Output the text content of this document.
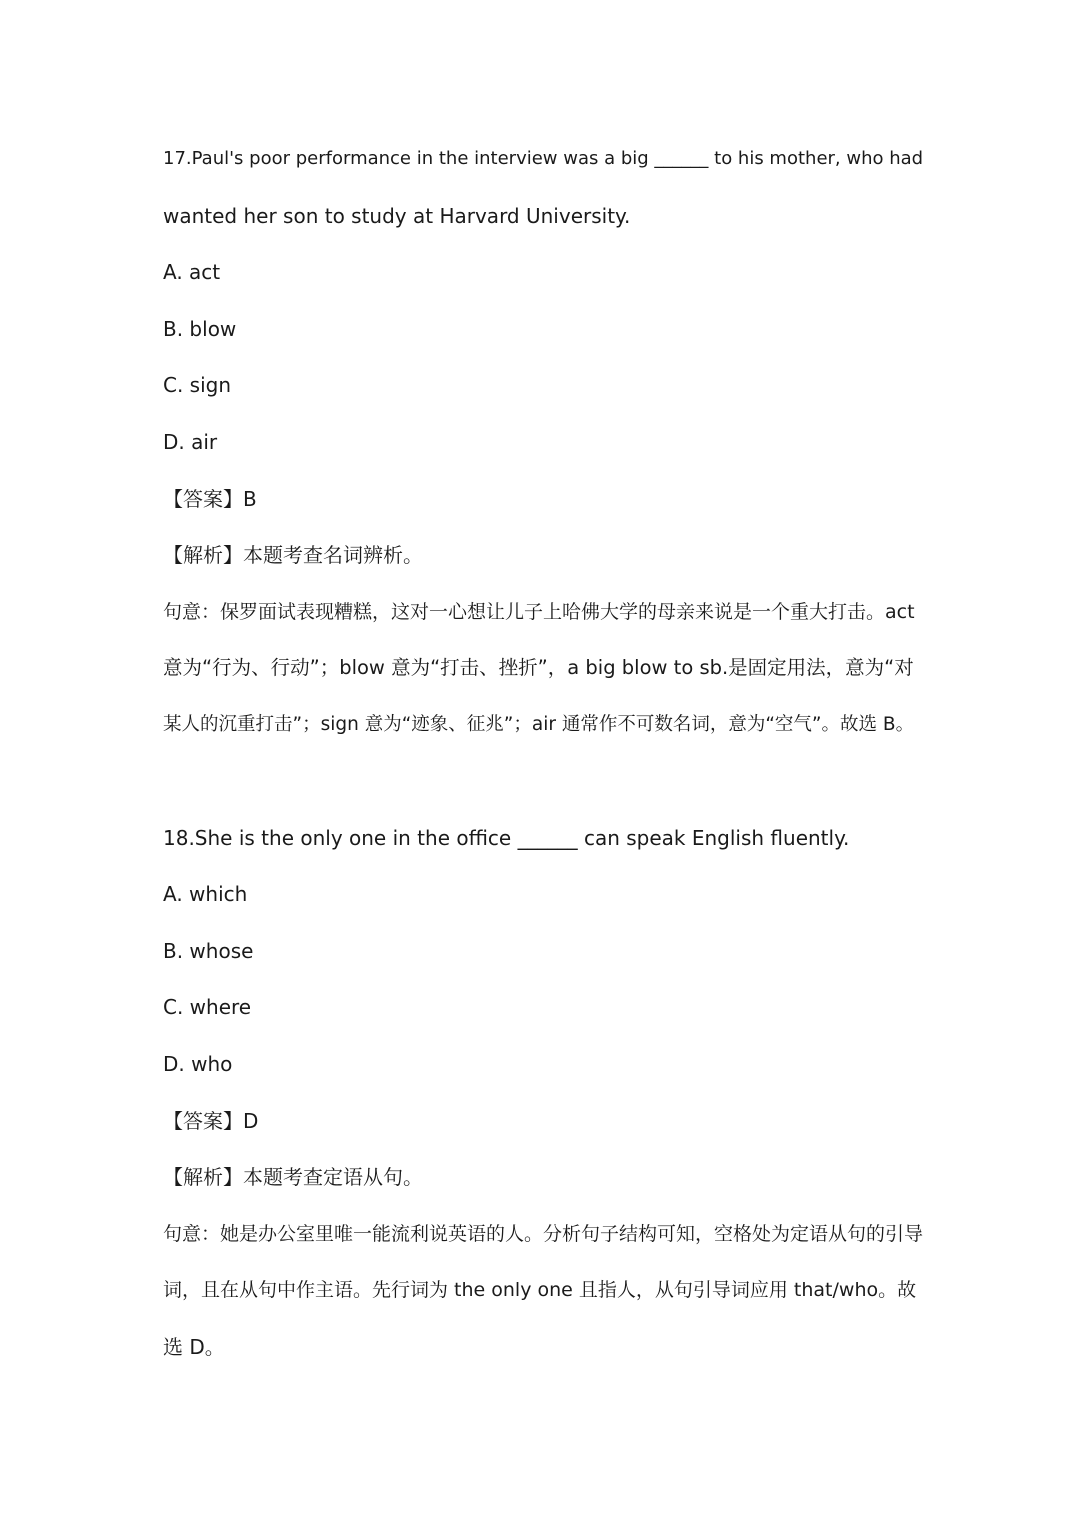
17.Paul's poor performance in the interview was a big ______ to his mother, who had
wanted her son to study at Harvard University.
A. act
B. blow
C. sign
D. air
【答案】B
【解析】本题考查名词辨析。
句意：保罗面试表现糟糕，这对一心想让儿子上哈佛大学的母亲来说是一个重大打击。act
意为“行为、行动”；blow 意为“打击、挫折”，a big blow to sb.是固定用法，意为“对
某人的沉重打击”；sign 意为“迹象、征兆”；air 通常作不可数名词，意为“空气”。故选 B。
18.She is the only one in the office ______ can speak English fluently.
A. which
B. whose
C. where
D. who
【答案】D
【解析】本题考查定语从句。
句意：她是办公室里唯一能流利说英语的人。分析句子结构可知，空格处为定语从句的引导
词，且在从句中作主语。先行词为 the only one 且指人，从句引导词应用 that/who。故
选 D。
